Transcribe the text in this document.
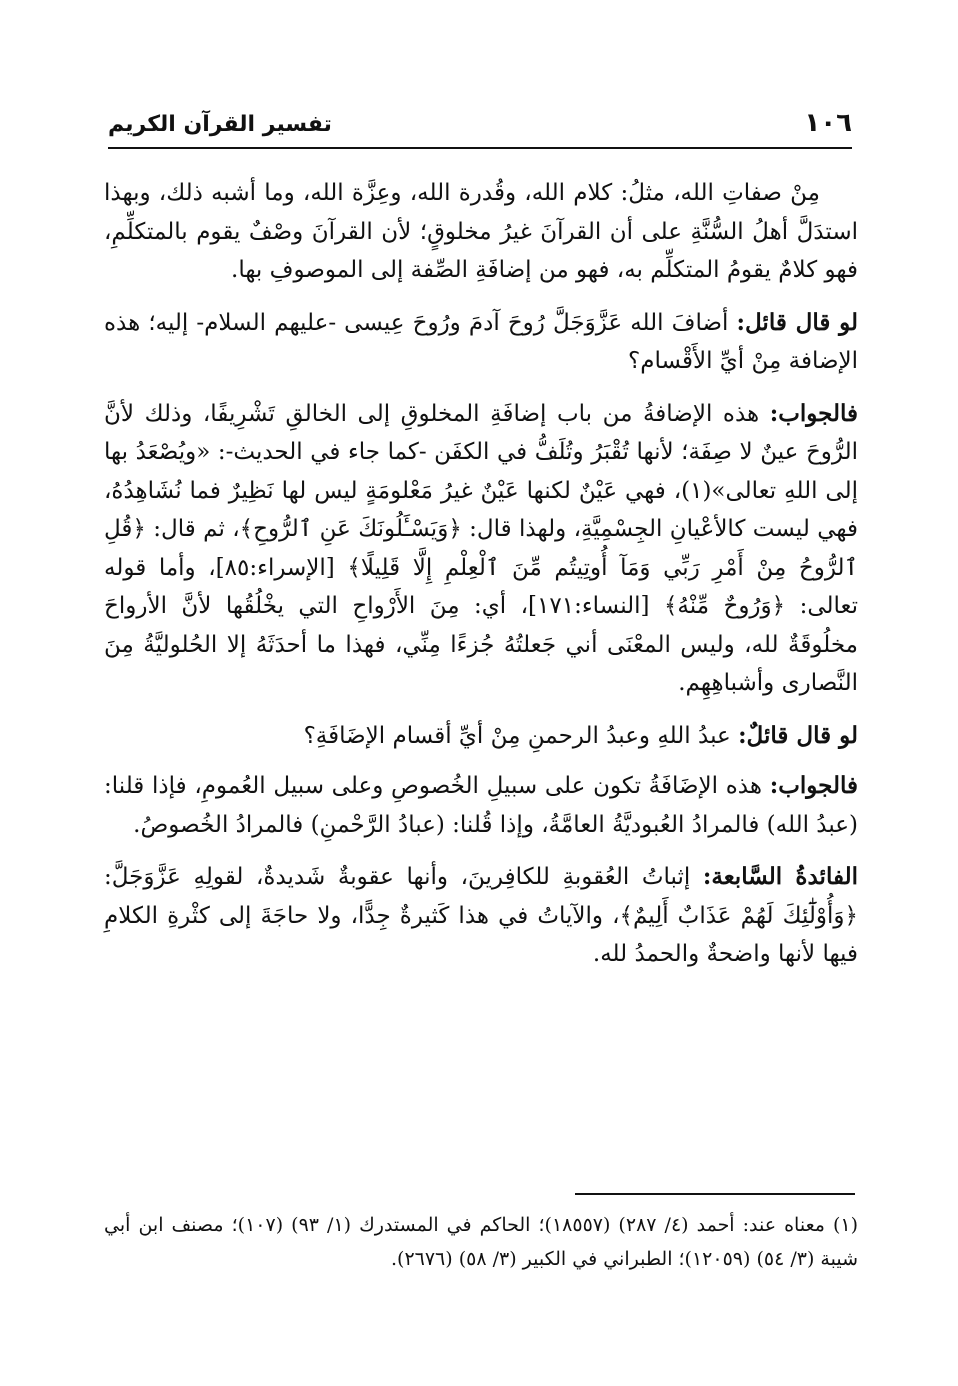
١٠٦
تفسير القرآن الكريم

مِنْ صفاتِ الله، مثلُ: كلام الله، وقُدرة الله، وعِزَّة الله، وما أشبه ذلك، وبهذا استدَلَّ أهلُ السُّنَّةِ على أن القرآنَ غيرُ مخلوقٍ؛ لأن القرآنَ وصْفٌ يقوم بالمتكلِّمِ، فهو كلامٌ يقومُ المتكلِّم به، فهو من إضافَةِ الصِّفة إلى الموصوفِ بها.

لو قال قائل: أضافَ الله عَزَّوَجَلَّ رُوحَ آدمَ ورُوحَ عِيسى -عليهم السلام- إليه؛ هذه الإضافة مِنْ أيِّ الأَقْسام؟

فالجواب: هذه الإضافةُ من باب إضافَةِ المخلوقِ إلى الخالقِ تَشْرِيفًا، وذلك لأنَّ الرُّوحَ عينٌ لا صِفَة؛ لأنها تُقْبَرُ وتُلَفُّ في الكفَن -كما جاء في الحديث-: «ويُصْعَدُ بها إلى اللهِ تعالى»(١)، فهي عَيْنٌ لكنها عَيْنٌ غيرُ مَعْلومَةٍ ليس لها نَظِيرٌ فما نُشَاهِدُهُ، فهي ليست كالأعْيانِ الجِسْمِيَّةِ، ولهذا قال: ﴿وَيَسْـَٔلُونَكَ عَنِ ٱلرُّوحِ﴾، ثم قال: ﴿قُلِ ٱلرُّوحُ مِنْ أَمْرِ رَبِّي وَمَآ أُوتِيتُم مِّنَ ٱلْعِلْمِ إِلَّا قَلِيلًا﴾ [الإسراء:٨٥]، وأما قوله تعالى: ﴿وَرُوحٌ مِّنْهُ﴾ [النساء:١٧١]، أي: مِنَ الأَرْواحِ التي يخْلُقُها لأنَّ الأرواحَ مخلُوقَةٌ لله، وليس المعْنَى أني جَعلتُهُ جُزءًا مِنِّي، فهذا ما أحدَثَهُ إلا الحُلوليَّةُ مِنَ النَّصارى وأشباهِهِم.

لو قال قائلٌ: عبدُ اللهِ وعبدُ الرحمنِ مِنْ أيِّ أقسام الإضَافَةِ؟

فالجواب: هذه الإضَافَةُ تكون على سبيلِ الخُصوصِ وعلى سبيل العُمومِ، فإذا قلنا: (عبدُ الله) فالمرادُ العُبوديَّةُ العامَّةُ، وإذا قُلنا: (عبادُ الرَّحْمنِ) فالمرادُ الخُصوصُ.

الفائدةُ السَّابعة: إثباتُ العُقوبةِ للكافِرينَ، وأنها عقوبةٌ شَديدةٌ، لقولِهِ عَزَّوَجَلَّ: ﴿وَأُوْلَٰٓئِكَ لَهُمْ عَذَابٌ أَلِيمٌ﴾، والآياتُ في هذا كَثيرةٌ جِدًّا، ولا حاجَةَ إلى كثْرةِ الكلامِ فيها لأنها واضحةٌ والحمدُ لله.

(١) معناه عند: أحمد (٤/ ٢٨٧) (١٨٥٥٧)؛ الحاكم في المستدرك (١/ ٩٣) (١٠٧)؛ مصنف ابن أبي شيبة (٣/ ٥٤) (١٢٠٥٩)؛ الطبراني في الكبير (٣/ ٥٨) (٢٦٧٦).
